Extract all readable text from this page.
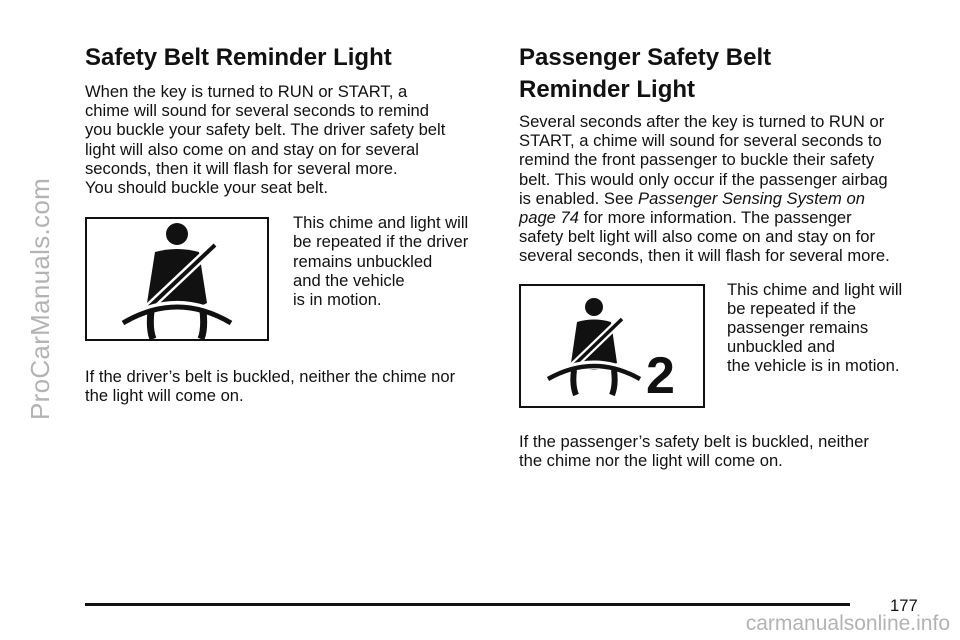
ProCarManuals.com
carmanualsonline.info
Safety Belt Reminder Light

When the key is turned to RUN or START, a

chime will sound for several seconds to remind

you buckle your safety belt. The driver safety belt

light will also come on and stay on for several

seconds, then it will flash for several more.

You should buckle your seat belt.

This chime and light will

be repeated if the driver

remains unbuckled

and the vehicle

is in motion.

If the driver’s belt is buckled, neither the chime nor

the light will come on.

Passenger Safety Belt
Reminder Light

Several seconds after the key is turned to RUN or

START, a chime will sound for several seconds to

remind the front passenger to buckle their safety

belt. This would only occur if the passenger airbag

is enabled. See Passenger Sensing System on

page 74 for more information. The passenger

safety belt light will also come on and stay on for

several seconds, then it will flash for several more.

2

This chime and light will

be repeated if the

passenger remains

unbuckled and

the vehicle is in motion.

If the passenger’s safety belt is buckled, neither

the chime nor the light will come on.

177
